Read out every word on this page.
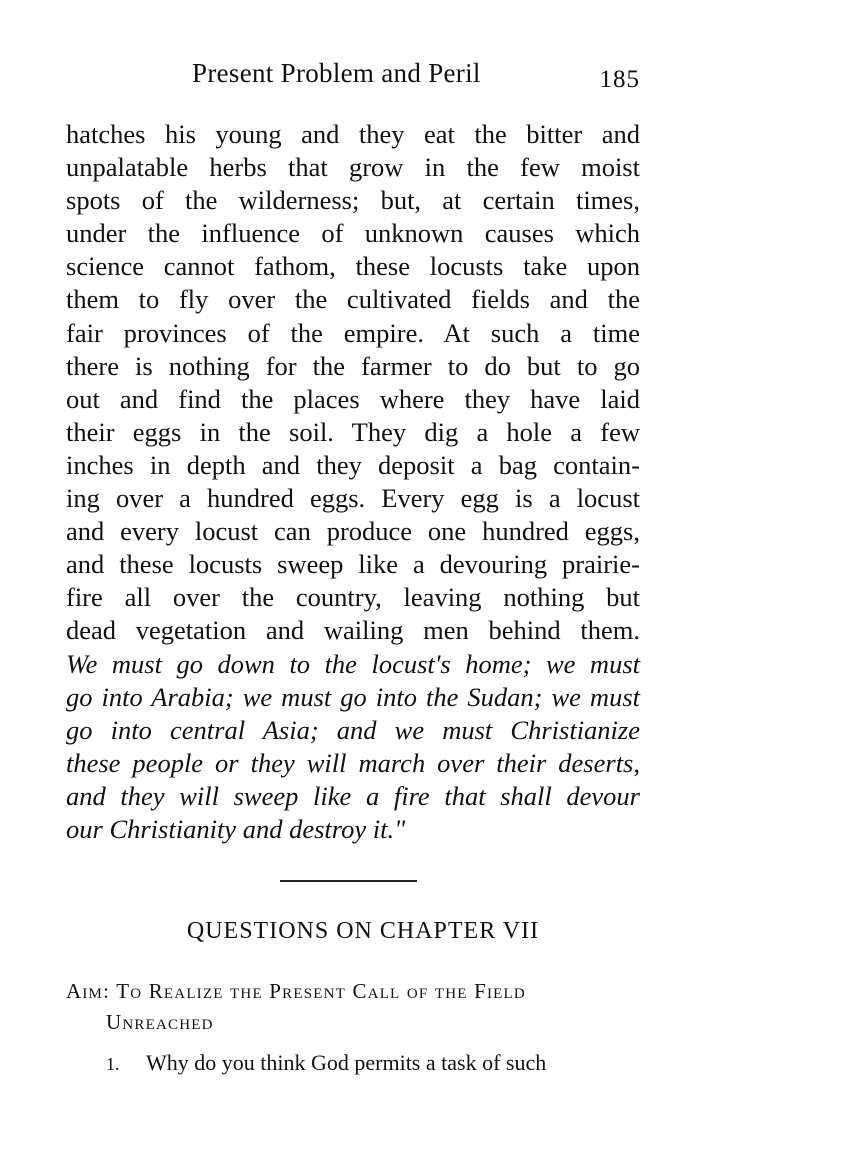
Present Problem and Peril	185
hatches his young and they eat the bitter and
unpalatable herbs that grow in the few moist
spots of the wilderness; but, at certain times,
under the influence of unknown causes which
science cannot fathom, these locusts take upon
them to fly over the cultivated fields and the
fair provinces of the empire. At such a time
there is nothing for the farmer to do but to go
out and find the places where they have laid
their eggs in the soil. They dig a hole a few
inches in depth and they deposit a bag contain-
ing over a hundred eggs. Every egg is a locust
and every locust can produce one hundred eggs,
and these locusts sweep like a devouring prairie-
fire all over the country, leaving nothing but
dead vegetation and wailing men behind them.
We must go down to the locust's home; we must
go into Arabia; we must go into the Sudan; we must
go into central Asia; and we must Christianize
these people or they will march over their deserts,
and they will sweep like a fire that shall devour
our Christianity and destroy it."
QUESTIONS ON CHAPTER VII
Aim: To Realize the Present Call of the Field
Unreached
1. Why do you think God permits a task of such
